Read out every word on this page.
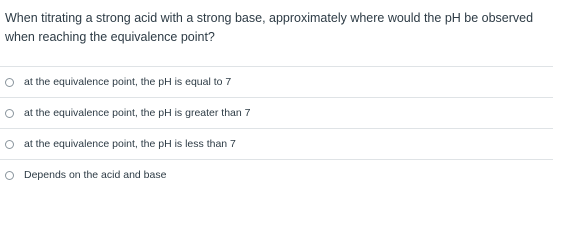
When titrating a strong acid with a strong base, approximately where would the pH be observed when reaching the equivalence point?
at the equivalence point, the pH is equal to 7
at the equivalence point, the pH is greater than 7
at the equivalence point, the pH is less than 7
Depends on the acid and base
